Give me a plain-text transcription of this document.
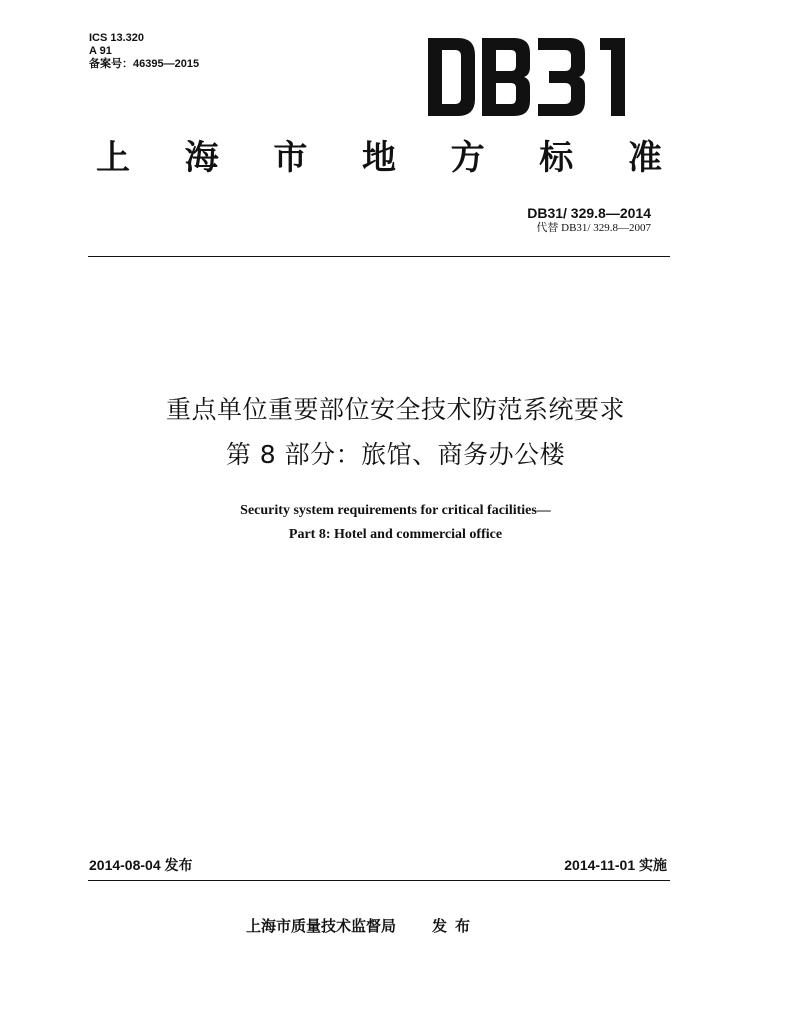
ICS 13.320
A 91
备案号：46395—2015
上 海 市 地 方 标 准
DB31/ 329.8—2014
代替 DB31/ 329.8—2007
重点单位重要部位安全技术防范系统要求
第 8 部分：旅馆、商务办公楼
Security system requirements for critical facilities—
Part 8: Hotel and commercial office
2014-08-04 发布	2014-11-01 实施
上海市质量技术监督局 发布
